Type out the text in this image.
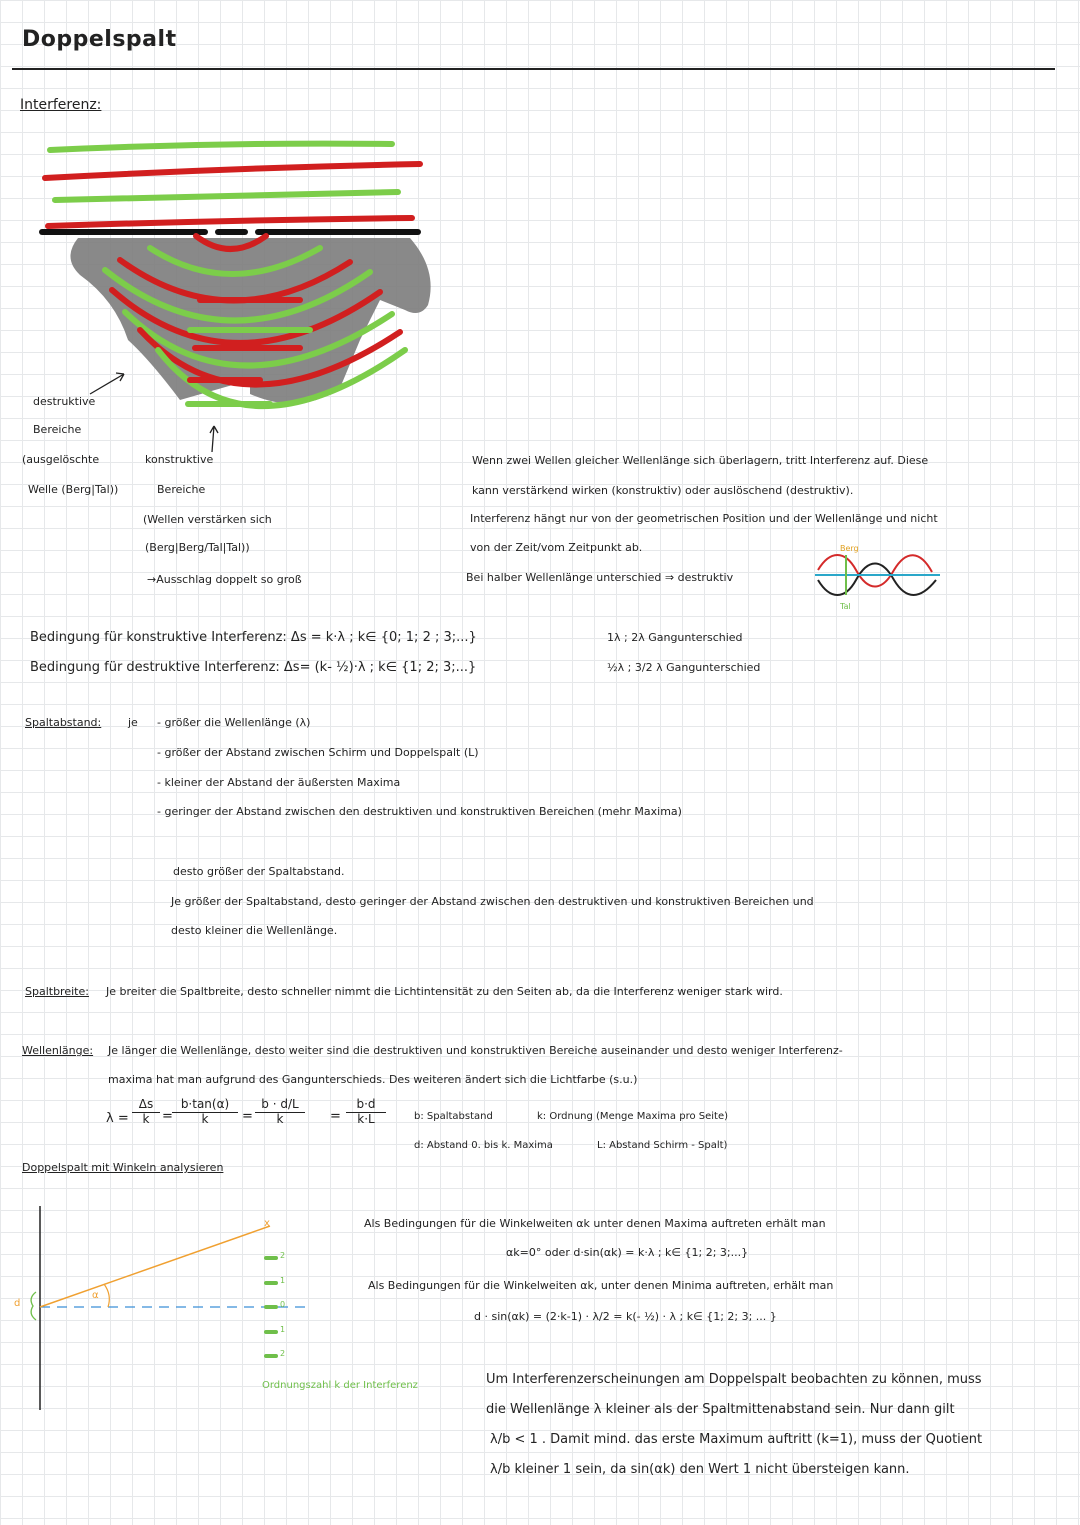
Doppelspalt
Interferenz:
destruktive
Bereiche
(ausgelöschte
Welle (Berg|Tal))
konstruktive
Bereiche
(Wellen verstärken sich
(Berg|Berg/Tal|Tal))
→Ausschlag doppelt so groß
Wenn zwei Wellen gleicher Wellenlänge sich überlagern, tritt Interferenz auf. Diese
kann verstärkend wirken (konstruktiv) oder auslöschend (destruktiv).
Interferenz hängt nur von der geometrischen Position und der Wellenlänge und nicht
von der Zeit/vom Zeitpunkt ab.
Bei halber Wellenlänge unterschied ⇒ destruktiv
Berg
Tal
Bedingung für konstruktive Interferenz: Δs = k·λ ; k∈ {0; 1; 2 ; 3;...}
Bedingung für destruktive Interferenz: Δs= (k- ½)·λ ; k∈ {1; 2; 3;...}
1λ ; 2λ Gangunterschied
½λ ; 3/2 λ Gangunterschied
Spaltabstand: je - größer die Wellenlänge (λ)
- größer der Abstand zwischen Schirm und Doppelspalt (L)
- kleiner der Abstand der äußersten Maxima
- geringer der Abstand zwischen den destruktiven und konstruktiven Bereichen (mehr Maxima)
desto größer der Spaltabstand.
Je größer der Spaltabstand, desto geringer der Abstand zwischen den destruktiven und konstruktiven Bereichen und
desto kleiner die Wellenlänge.
Spaltbreite: Je breiter die Spaltbreite, desto schneller nimmt die Lichtintensität zu den Seiten ab, da die Interferenz weniger stark wird.
Wellenlänge: Je länger die Wellenlänge, desto weiter sind die destruktiven und konstruktiven Bereiche auseinander und desto weniger Interferenz-
maxima hat man aufgrund des Gangunterschieds. Des weiteren ändert sich die Lichtfarbe (s.u.)
$\lambda = \frac{\Delta s}{k} = \frac{b\cdot\tan(\alpha)}{k} = \frac{b \cdot d/L}{k} = \frac{b\cdot d}{k\cdot L}$	b: Spaltabstand	k: Ordnung (Menge Maxima pro Seite)
d: Abstand 0. bis k. Maxima	L: Abstand Schirm - Spalt)
Doppelspalt mit Winkeln analysieren
d
α
x
2
1
0
1
2
Ordnungszahl k der Interferenz
Als Bedingungen für die Winkelweiten αk unter denen Maxima auftreten erhält man
αk=0° oder d·sin(αk) = k·λ ; k∈ {1; 2; 3;...}
Als Bedingungen für die Winkelweiten αk, unter denen Minima auftreten, erhält man
d · sin(αk) = (2·k-1) · λ/2 = k(- ½) · λ ; k∈ {1; 2; 3; ... }
Um Interferenzerscheinungen am Doppelspalt beobachten zu können, muss
die Wellenlänge λ kleiner als der Spaltmittenabstand sein. Nur dann gilt
λ/b < 1 . Damit mind. das erste Maximum auftritt (k=1), muss der Quotient
λ/b kleiner 1 sein, da sin(αk) den Wert 1 nicht übersteigen kann.
